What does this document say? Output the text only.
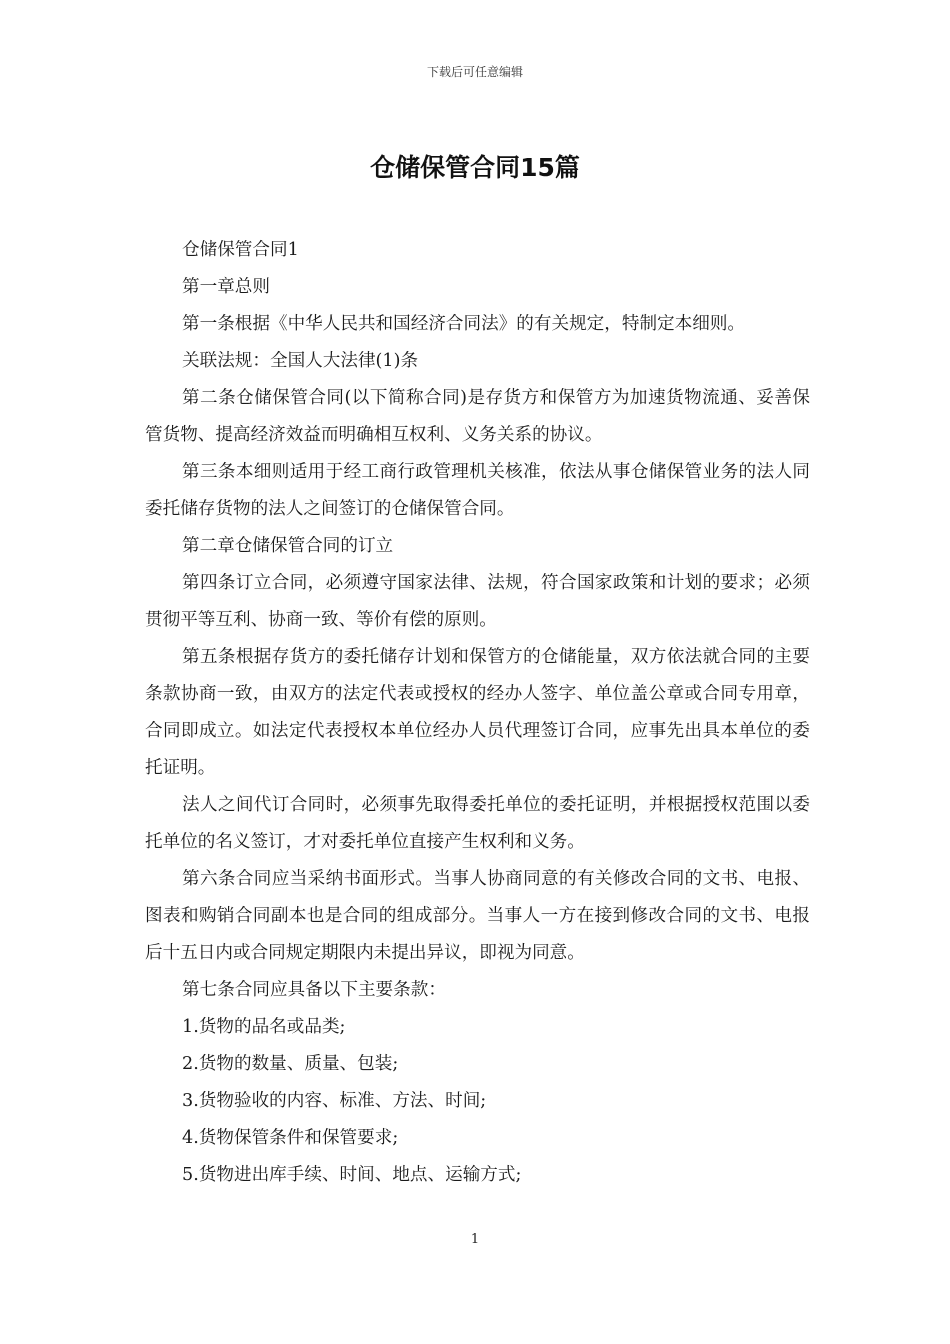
下载后可任意编辑
仓储保管合同15篇

仓储保管合同1

第一章总则

第一条根据《中华人民共和国经济合同法》的有关规定，特制定本细则。

关联法规：全国人大法律(1)条

第二条仓储保管合同(以下简称合同)是存货方和保管方为加速货物流通、妥善保管货物、提高经济效益而明确相互权利、义务关系的协议。

第三条本细则适用于经工商行政管理机关核准，依法从事仓储保管业务的法人同委托储存货物的法人之间签订的仓储保管合同。

第二章仓储保管合同的订立

第四条订立合同，必须遵守国家法律、法规，符合国家政策和计划的要求；必须贯彻平等互利、协商一致、等价有偿的原则。

第五条根据存货方的委托储存计划和保管方的仓储能量，双方依法就合同的主要条款协商一致，由双方的法定代表或授权的经办人签字、单位盖公章或合同专用章，合同即成立。如法定代表授权本单位经办人员代理签订合同，应事先出具本单位的委托证明。

法人之间代订合同时，必须事先取得委托单位的委托证明，并根据授权范围以委托单位的名义签订，才对委托单位直接产生权利和义务。

第六条合同应当采纳书面形式。当事人协商同意的有关修改合同的文书、电报、图表和购销合同副本也是合同的组成部分。当事人一方在接到修改合同的文书、电报后十五日内或合同规定期限内未提出异议，即视为同意。

第七条合同应具备以下主要条款：

1.货物的品名或品类;

2.货物的数量、质量、包装;

3.货物验收的内容、标准、方法、时间;

4.货物保管条件和保管要求;

5.货物进出库手续、时间、地点、运输方式;

1
